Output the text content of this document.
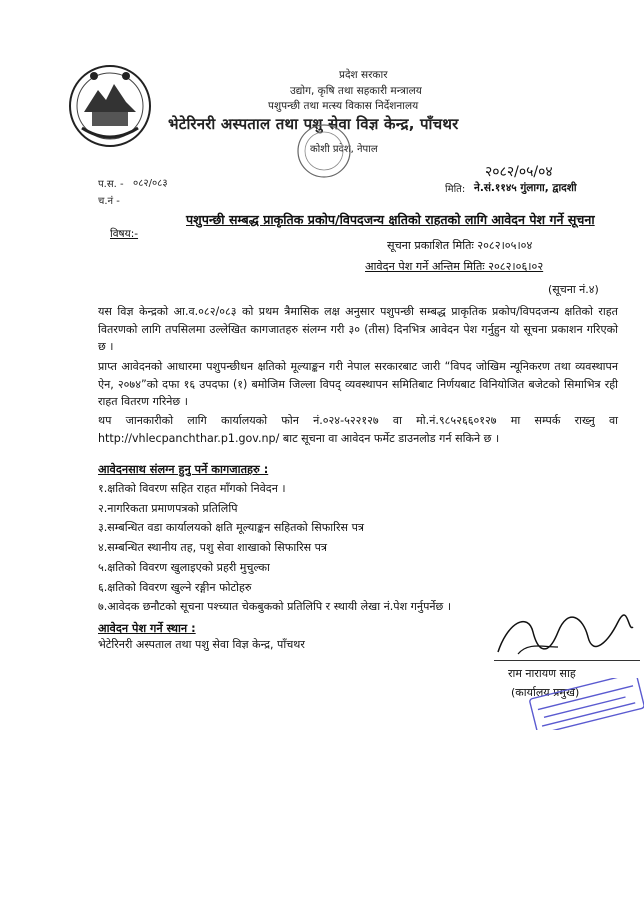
प्रदेश सरकार
उद्योग, कृषि तथा सहकारी मन्त्रालय
पशुपन्छी तथा मत्स्य विकास निर्देशनालय
भेटेरिनरी अस्पताल तथा पशु सेवा विज्ञ केन्द्र, पाँचथर
कोशी प्रदेश, नेपाल
प.स. - ०८२/०८३
च.नं -
मिति:
२०८२/०५/०४
ने.सं.११४५ गुंलागा, द्वादशी
विषय:-
पशुपन्छी सम्बद्ध प्राकृतिक प्रकोप/विपदजन्य क्षतिको राहतको लागि आवेदन पेश गर्ने सूचना
सूचना प्रकाशित मितिः २०८२।०५।०४
आवेदन पेश गर्ने अन्तिम मितिः २०८२।०६।०२
(सूचना नं.४)
यस विज्ञ केन्द्रको आ.व.०८२/०८३ को प्रथम त्रैमासिक लक्ष अनुसार पशुपन्छी सम्बद्ध प्राकृतिक प्रकोप/विपदजन्य क्षतिको राहत वितरणको लागि तपसिलमा उल्लेखित कागजातहरु संलग्न गरी ३० (तीस) दिनभित्र आवेदन पेश गर्नुहुन यो सूचना प्रकाशन गरिएको छ ।
प्राप्त आवेदनको आधारमा पशुपन्छीधन क्षतिको मूल्याङ्कन गरी नेपाल सरकारबाट जारी “विपद जोखिम न्यूनिकरण तथा व्यवस्थापन ऐन, २०७४”को दफा १६ उपदफा (१) बमोजिम जिल्ला विपद् व्यवस्थापन समितिबाट निर्णयबाट विनियोजित बजेटको सिमाभित्र रही राहत वितरण गरिनेछ ।
थप जानकारीको लागि कार्यालयको फोन नं.०२४-५२२१२७ वा मो.नं.९८५२६६०१२७ मा सम्पर्क राख्नु वा http://vhlecpanchthar.p1.gov.np/ बाट सूचना वा आवेदन फर्मेट डाउनलोड गर्न सकिने छ ।
आवेदनसाथ संलग्न हुनु पर्ने कागजातहरु :
१.क्षतिको विवरण सहित राहत माँगको निवेदन ।
२.नागरिकता प्रमाणपत्रको प्रतिलिपि
३.सम्बन्धित वडा कार्यालयको क्षति मूल्याङ्कन सहितको सिफारिस पत्र
४.सम्बन्धित स्थानीय तह, पशु सेवा शाखाको सिफारिस पत्र
५.क्षतिको विवरण खुलाइएको प्रहरी मुचुल्का
६.क्षतिको विवरण खुल्ने रङ्गीन फोटोहरु
७.आवेदक छनौटको सूचना पश्च्यात चेकबुकको प्रतिलिपि र स्थायी लेखा नं.पेश गर्नुपर्नेछ ।
आवेदन पेश गर्ने स्थान :
भेटेरिनरी अस्पताल तथा पशु सेवा विज्ञ केन्द्र, पाँचथर
राम नारायण साह
(कार्यालय प्रमुख)
